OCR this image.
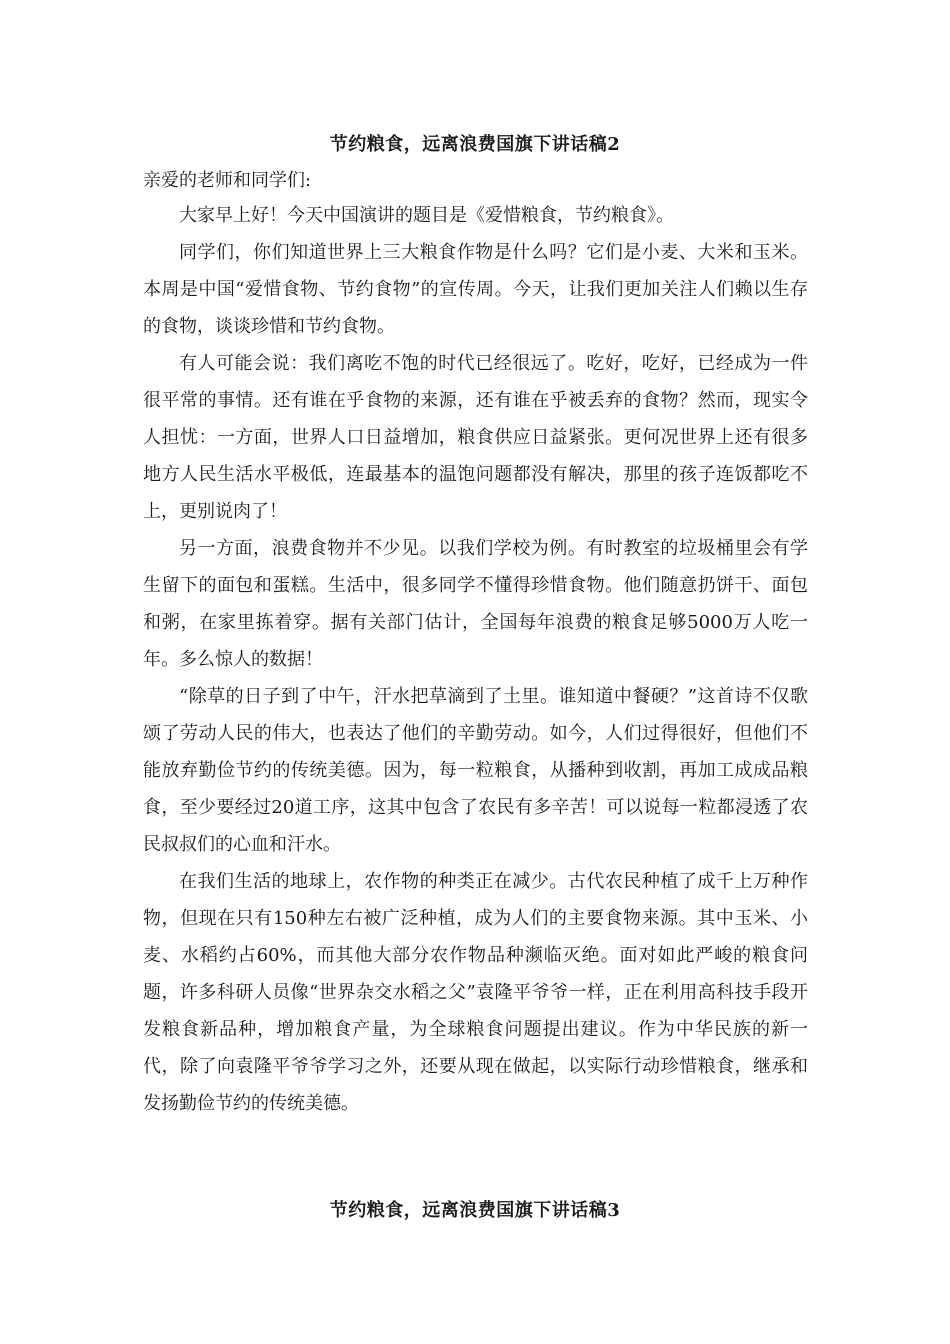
节约粮食，远离浪费国旗下讲话稿2

亲爱的老师和同学们:

大家早上好！今天中国演讲的题目是《爱惜粮食，节约粮食》。

同学们，你们知道世界上三大粮食作物是什么吗？它们是小麦、大米和玉米。本周是中国“爱惜食物、节约食物”的宣传周。今天，让我们更加关注人们赖以生存的食物，谈谈珍惜和节约食物。

有人可能会说：我们离吃不饱的时代已经很远了。吃好，吃好，已经成为一件很平常的事情。还有谁在乎食物的来源，还有谁在乎被丢弃的食物？然而，现实令人担忧：一方面，世界人口日益增加，粮食供应日益紧张。更何况世界上还有很多地方人民生活水平极低，连最基本的温饱问题都没有解决，那里的孩子连饭都吃不上，更别说肉了！

另一方面，浪费食物并不少见。以我们学校为例。有时教室的垃圾桶里会有学生留下的面包和蛋糕。生活中，很多同学不懂得珍惜食物。他们随意扔饼干、面包和粥，在家里拣着穿。据有关部门估计，全国每年浪费的粮食足够5000万人吃一年。多么惊人的数据！

“除草的日子到了中午，汗水把草滴到了土里。谁知道中餐硬？”这首诗不仅歌颂了劳动人民的伟大，也表达了他们的辛勤劳动。如今，人们过得很好，但他们不能放弃勤俭节约的传统美德。因为，每一粒粮食，从播种到收割，再加工成成品粮食，至少要经过20道工序，这其中包含了农民有多辛苦！可以说每一粒都浸透了农民叔叔们的心血和汗水。

在我们生活的地球上，农作物的种类正在减少。古代农民种植了成千上万种作物，但现在只有150种左右被广泛种植，成为人们的主要食物来源。其中玉米、小麦、水稻约占60%，而其他大部分农作物品种濒临灭绝。面对如此严峻的粮食问题，许多科研人员像“世界杂交水稻之父”袁隆平爷爷一样，正在利用高科技手段开发粮食新品种，增加粮食产量，为全球粮食问题提出建议。作为中华民族的新一代，除了向袁隆平爷爷学习之外，还要从现在做起，以实际行动珍惜粮食，继承和发扬勤俭节约的传统美德。

节约粮食，远离浪费国旗下讲话稿3
